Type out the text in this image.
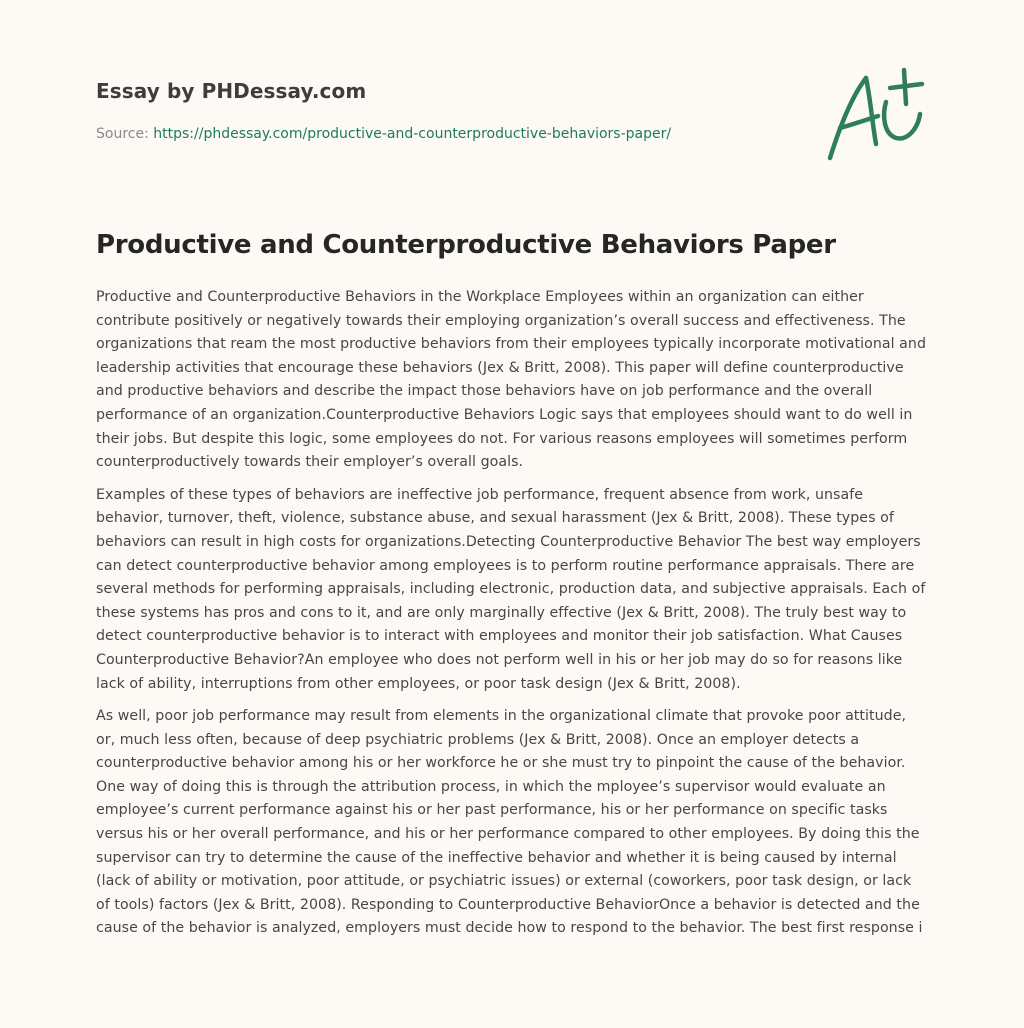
Essay by PHDessay.com
Source: https://phdessay.com/productive-and-counterproductive-behaviors-paper/
Productive and Counterproductive Behaviors Paper

Productive and Counterproductive Behaviors in the Workplace Employees within an organization can either contribute positively or negatively towards their employing organization’s overall success and effectiveness. The organizations that ream the most productive behaviors from their employees typically incorporate motivational and leadership activities that encourage these behaviors (Jex & Britt, 2008). This paper will define counterproductive and productive behaviors and describe the impact those behaviors have on job performance and the overall performance of an organization.Counterproductive Behaviors Logic says that employees should want to do well in their jobs. But despite this logic, some employees do not. For various reasons employees will sometimes perform counterproductively towards their employer’s overall goals.

Examples of these types of behaviors are ineffective job performance, frequent absence from work, unsafe behavior, turnover, theft, violence, substance abuse, and sexual harassment (Jex & Britt, 2008). These types of behaviors can result in high costs for organizations.Detecting Counterproductive Behavior The best way employers can detect counterproductive behavior among employees is to perform routine performance appraisals. There are several methods for performing appraisals, including electronic, production data, and subjective appraisals. Each of these systems has pros and cons to it, and are only marginally effective (Jex & Britt, 2008). The truly best way to detect counterproductive behavior is to interact with employees and monitor their job satisfaction. What Causes Counterproductive Behavior?An employee who does not perform well in his or her job may do so for reasons like lack of ability, interruptions from other employees, or poor task design (Jex & Britt, 2008).

As well, poor job performance may result from elements in the organizational climate that provoke poor attitude, or, much less often, because of deep psychiatric problems (Jex & Britt, 2008). Once an employer detects a counterproductive behavior among his or her workforce he or she must try to pinpoint the cause of the behavior. One way of doing this is through the attribution process, in which the mployee’s supervisor would evaluate an employee’s current performance against his or her past performance, his or her performance on specific tasks versus his or her overall performance, and his or her performance compared to other employees. By doing this the supervisor can try to determine the cause of the ineffective behavior and whether it is being caused by internal (lack of ability or motivation, poor attitude, or psychiatric issues) or external (coworkers, poor task design, or lack of tools) factors (Jex & Britt, 2008). Responding to Counterproductive BehaviorOnce a behavior is detected and the cause of the behavior is analyzed, employers must decide how to respond to the behavior. The best first response i
